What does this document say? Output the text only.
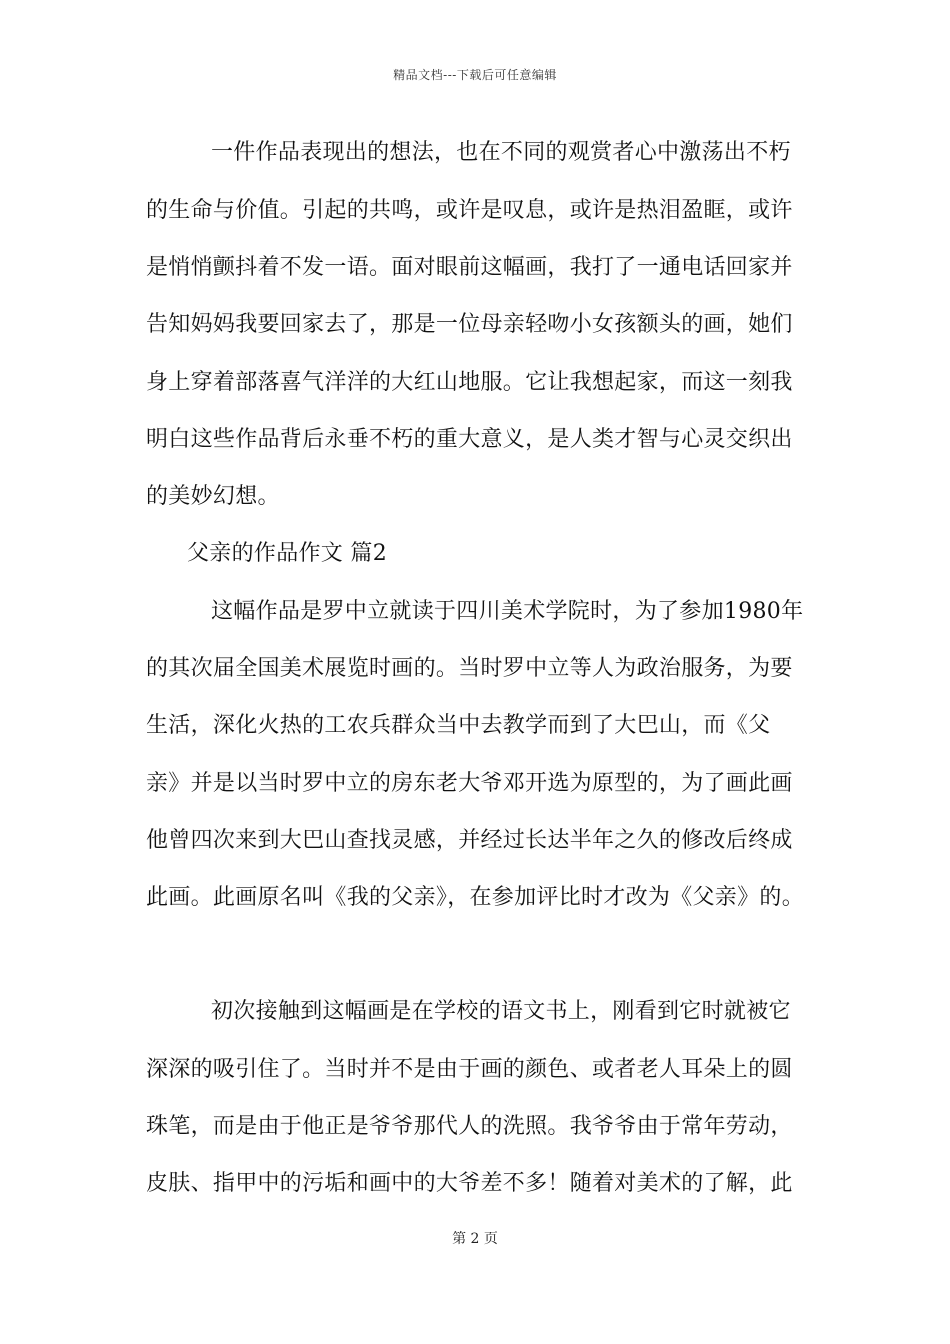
精品文档---下载后可任意编辑
一件作品表现出的想法，也在不同的观赏者心中激荡出不朽
的生命与价值。引起的共鸣，或许是叹息，或许是热泪盈眶，或许
是悄悄颤抖着不发一语。面对眼前这幅画，我打了一通电话回家并
告知妈妈我要回家去了，那是一位母亲轻吻小女孩额头的画，她们
身上穿着部落喜气洋洋的大红山地服。它让我想起家，而这一刻我
明白这些作品背后永垂不朽的重大意义，是人类才智与心灵交织出
的美妙幻想。
父亲的作品作文 篇2
这幅作品是罗中立就读于四川美术学院时，为了参加1980年
的其次届全国美术展览时画的。当时罗中立等人为政治服务，为要
生活，深化火热的工农兵群众当中去教学而到了大巴山，而《父
亲》并是以当时罗中立的房东老大爷邓开选为原型的，为了画此画
他曾四次来到大巴山查找灵感，并经过长达半年之久的修改后终成
此画。此画原名叫《我的父亲》，在参加评比时才改为《父亲》的。
初次接触到这幅画是在学校的语文书上，刚看到它时就被它
深深的吸引住了。当时并不是由于画的颜色、或者老人耳朵上的圆
珠笔，而是由于他正是爷爷那代人的洗照。我爷爷由于常年劳动，
皮肤、指甲中的污垢和画中的大爷差不多！随着对美术的了解，此
第 2 页
